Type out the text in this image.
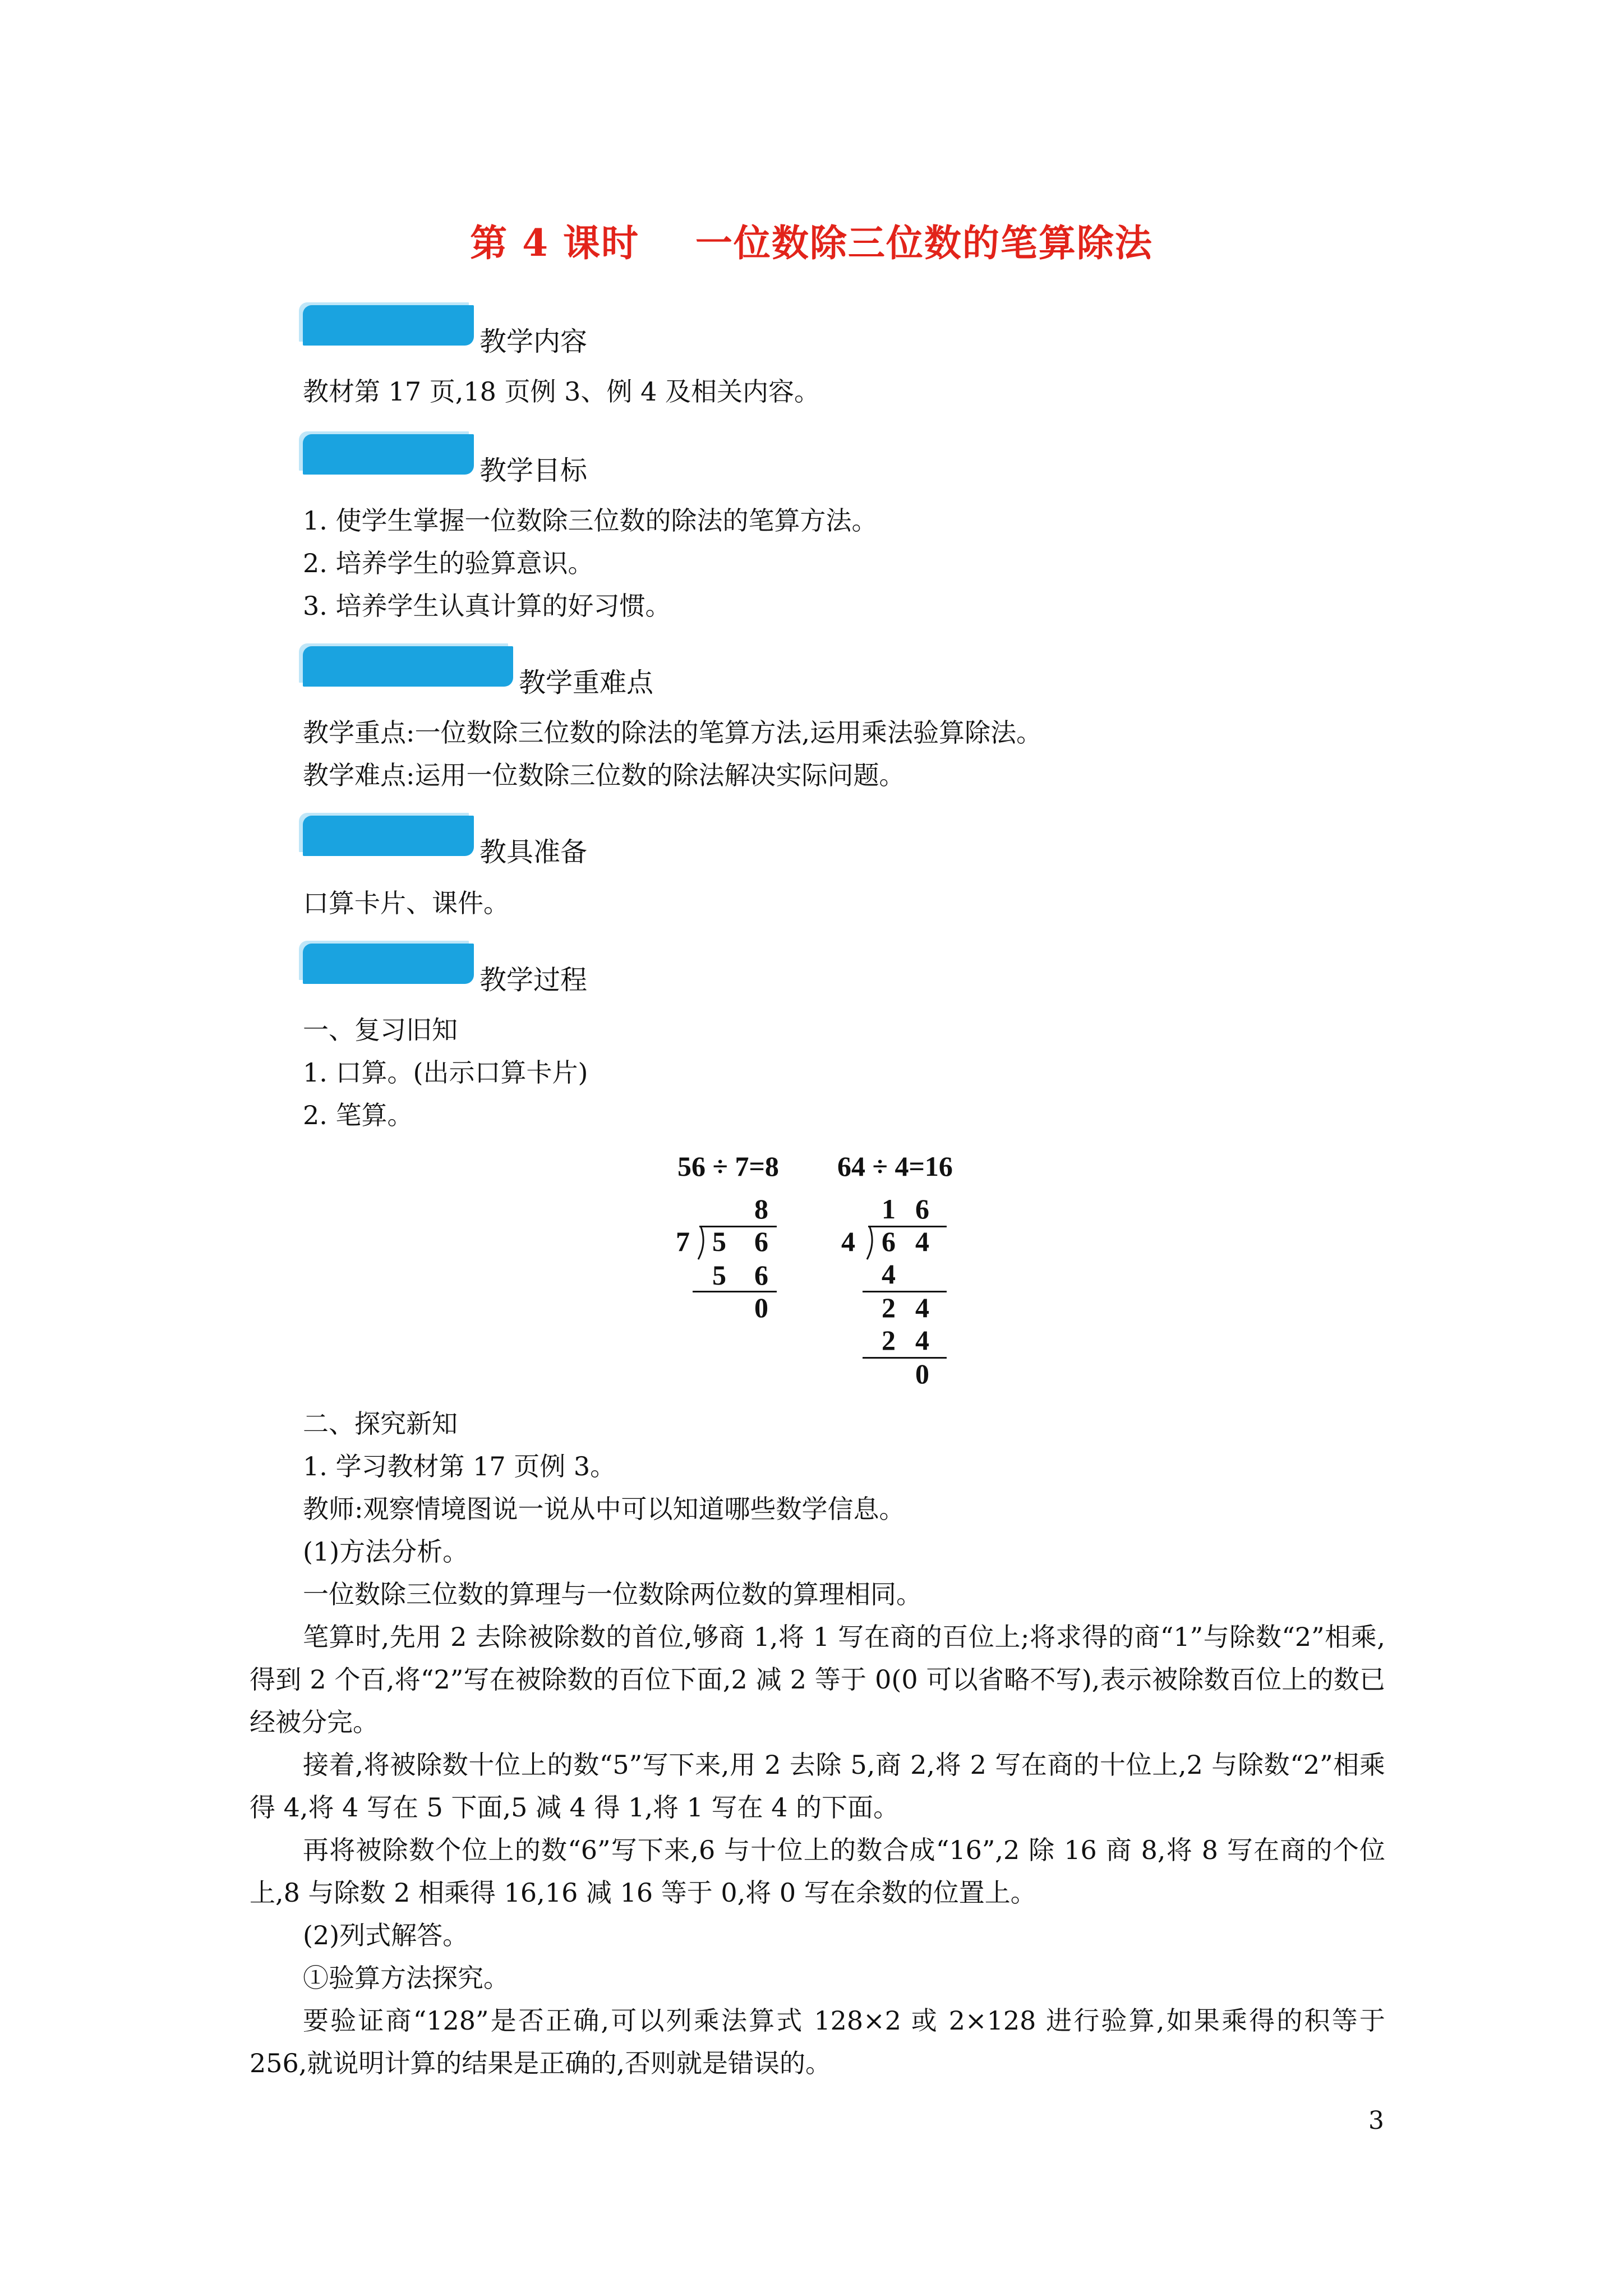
第 4 课时    一位数除三位数的笔算除法
教学内容
教材第 17 页,18 页例 3、例 4 及相关内容。
教学目标
1. 使学生掌握一位数除三位数的除法的笔算方法。
2. 培养学生的验算意识。
3. 培养学生认真计算的好习惯。
教学重难点
教学重点:一位数除三位数的除法的笔算方法,运用乘法验算除法。
教学难点:运用一位数除三位数的除法解决实际问题。
教具准备
口算卡片、课件。
教学过程
一、复习旧知
1. 口算。(出示口算卡片)
2. 笔算。
56 ÷ 7=8 64 ÷ 4=16
8
7 5 6
5 6
0
1 6
4 6 4
4
2 4
2 4
0
二、探究新知
1. 学习教材第 17 页例 3。
教师:观察情境图说一说从中可以知道哪些数学信息。
(1)方法分析。
一位数除三位数的算理与一位数除两位数的算理相同。
笔算时,先用 2 去除被除数的首位,够商 1,将 1 写在商的百位上;将求得的商“1”与除数“2”相乘,得到 2 个百,将“2”写在被除数的百位下面,2 减 2 等于 0(0 可以省略不写),表示被除数百位上的数已经被分完。
接着,将被除数十位上的数“5”写下来,用 2 去除 5,商 2,将 2 写在商的十位上,2 与除数“2”相乘得 4,将 4 写在 5 下面,5 减 4 得 1,将 1 写在 4 的下面。
再将被除数个位上的数“6”写下来,6 与十位上的数合成“16”,2 除 16 商 8,将 8 写在商的个位上,8 与除数 2 相乘得 16,16 减 16 等于 0,将 0 写在余数的位置上。
(2)列式解答。
①验算方法探究。
要验证商“128”是否正确,可以列乘法算式 128×2 或 2×128 进行验算,如果乘得的积等于 256,就说明计算的结果是正确的,否则就是错误的。
3
